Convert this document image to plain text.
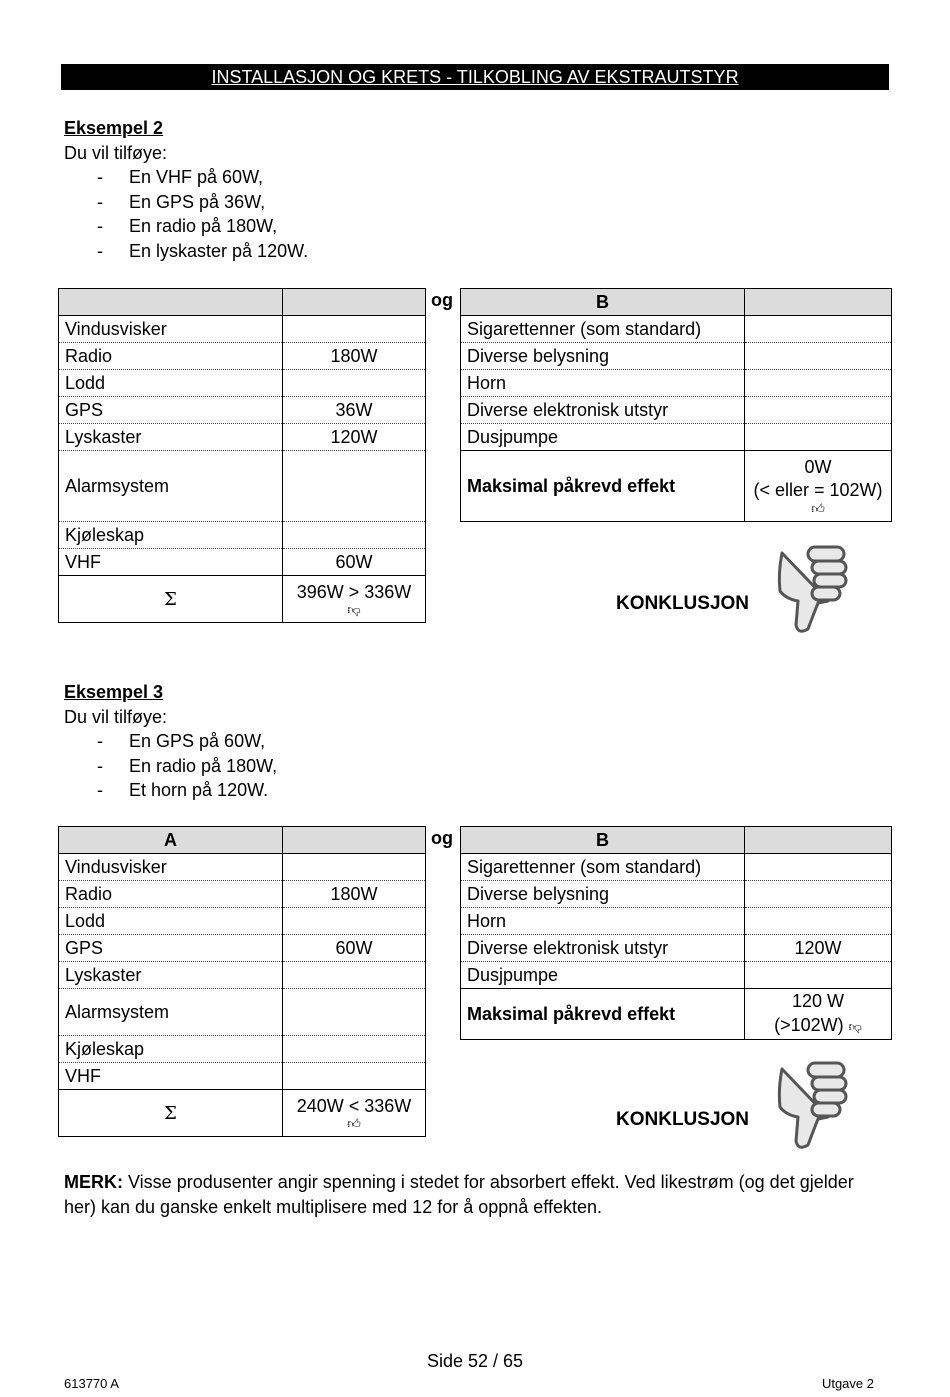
INSTALLASJON OG KRETS - TILKOBLING AV EKSTRAUTSTYR
Eksempel 2
Du vil tilføye:
- En VHF på 60W,
- En GPS på 36W,
- En radio på 180W,
- En lyskaster på 120W.

Vindusvisker	
Radio	180W
Lodd	
GPS	36W
Lyskaster	120W
Alarmsystem	
Kjøleskap	
VHF	60W
Σ	396W > 336W
👎︎
og	B	
Sigarettenner (som standard)	
Diverse belysning	
Horn	
Diverse elektronisk utstyr	
Dusjpumpe	
Maksimal påkrevd effekt	0W
(< eller = 102W)
👍︎
KONKLUSJON
Eksempel 3
Du vil tilføye:
- En GPS på 60W,
- En radio på 180W,
- Et horn på 120W.
A	
Vindusvisker	
Radio	180W
Lodd	
GPS	60W
Lyskaster	
Alarmsystem	
Kjøleskap	
VHF	
Σ	240W < 336W
👍︎
og	B	
Sigarettenner (som standard)	
Diverse belysning	
Horn	
Diverse elektronisk utstyr	120W
Dusjpumpe	
Maksimal påkrevd effekt	120 W
(>102W) 👎︎
KONKLUSJON
MERK: Visse produsenter angir spenning i stedet for absorbert effekt. Ved likestrøm (og det gjelder her) kan du ganske enkelt multiplisere med 12 for å oppnå effekten.
Side 52 / 65
613770 A	Utgave 2
